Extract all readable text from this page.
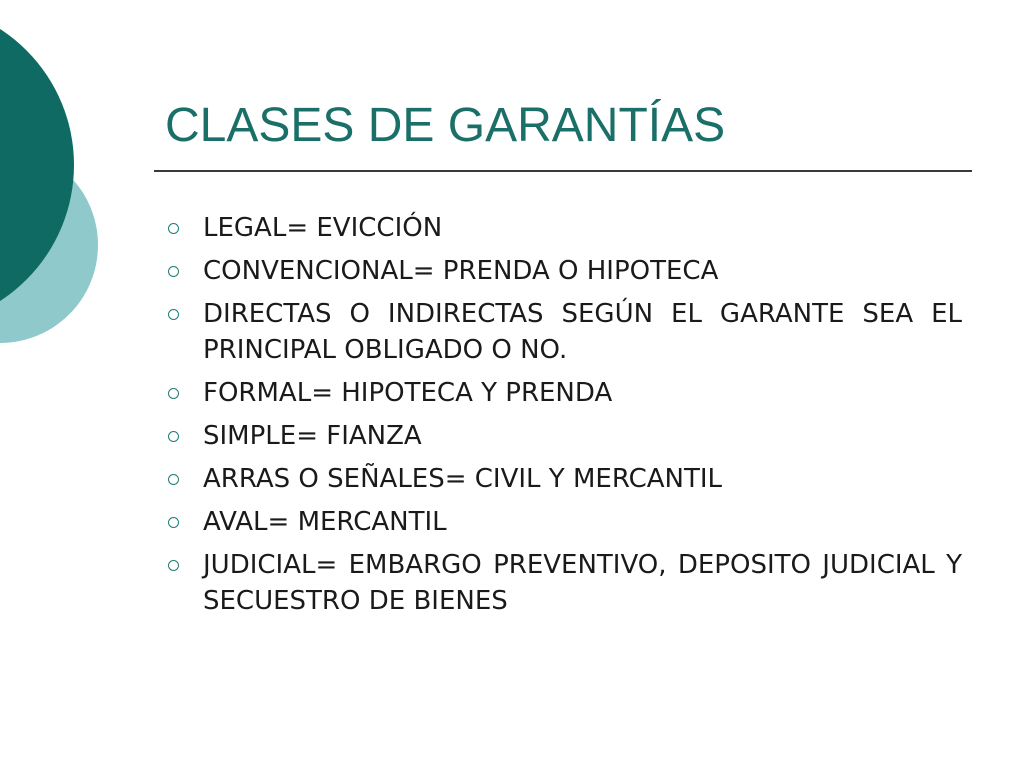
CLASES DE GARANTÍAS
LEGAL= EVICCIÓN
CONVENCIONAL= PRENDA O HIPOTECA
DIRECTAS O INDIRECTAS SEGÚN EL GARANTE SEA EL PRINCIPAL OBLIGADO O NO.
FORMAL= HIPOTECA Y PRENDA
SIMPLE= FIANZA
ARRAS O SEÑALES= CIVIL Y MERCANTIL
AVAL= MERCANTIL
JUDICIAL= EMBARGO PREVENTIVO, DEPOSITO JUDICIAL Y SECUESTRO DE BIENES
